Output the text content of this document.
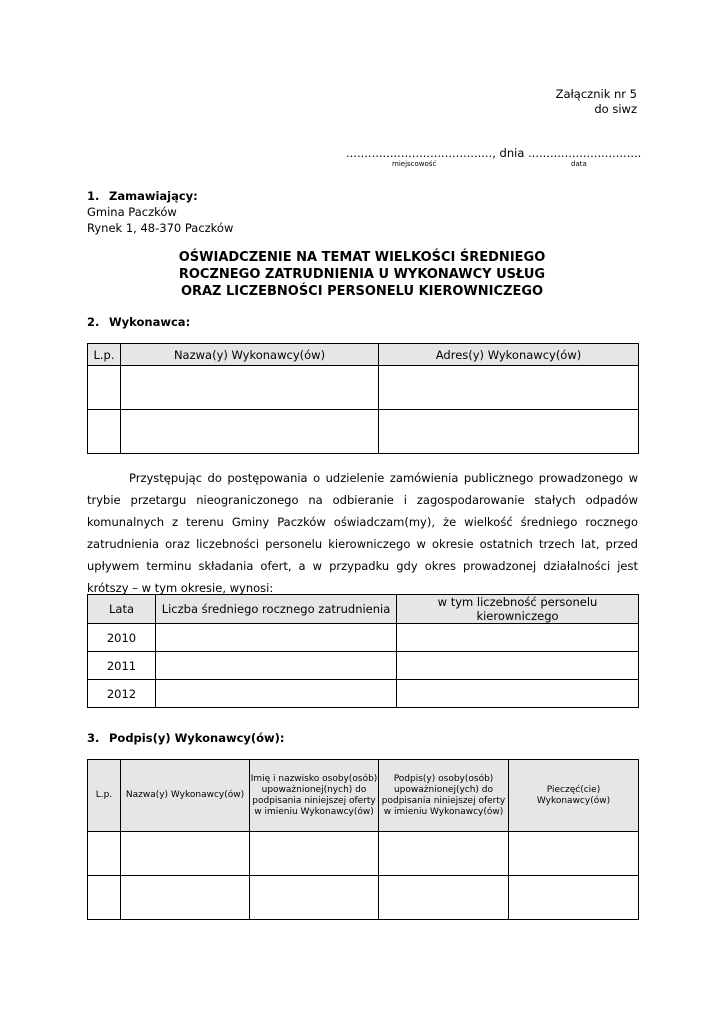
Załącznik nr 5
do siwz
........................................, dnia ...............................
miejscowość	data
1. Zamawiający:
Gmina Paczków
Rynek 1, 48-370 Paczków
OŚWIADCZENIE NA TEMAT WIELKOŚCI ŚREDNIEGO
ROCZNEGO ZATRUDNIENIA U WYKONAWCY USŁUG
ORAZ LICZEBNOŚCI PERSONELU KIEROWNICZEGO
2. Wykonawca:
L.p.	Nazwa(y) Wykonawcy(ów)	Adres(y) Wykonawcy(ów)

Przystępując do postępowania o udzielenie zamówienia publicznego prowadzonego w trybie przetargu nieograniczonego na odbieranie i zagospodarowanie stałych odpadów komunalnych z terenu Gminy Paczków oświadczam(my), że wielkość średniego rocznego zatrudnienia oraz liczebności personelu kierowniczego w okresie ostatnich trzech lat, przed upływem terminu składania ofert, a w przypadku gdy okres prowadzonej działalności jest krótszy – w tym okresie, wynosi:
Lata	Liczba średniego rocznego zatrudnienia	w tym liczebność personelu kierowniczego
2010		
2011		
2012		
3. Podpis(y) Wykonawcy(ów):
L.p.	Nazwa(y) Wykonawcy(ów)	Imię i nazwisko osoby(osób) upoważnionej(nych) do podpisania niniejszej oferty w imieniu Wykonawcy(ów)	Podpis(y) osoby(osób) upoważnionej(ych) do podpisania niniejszej oferty w imieniu Wykonawcy(ów)	Pieczęć(cie) Wykonawcy(ów)
